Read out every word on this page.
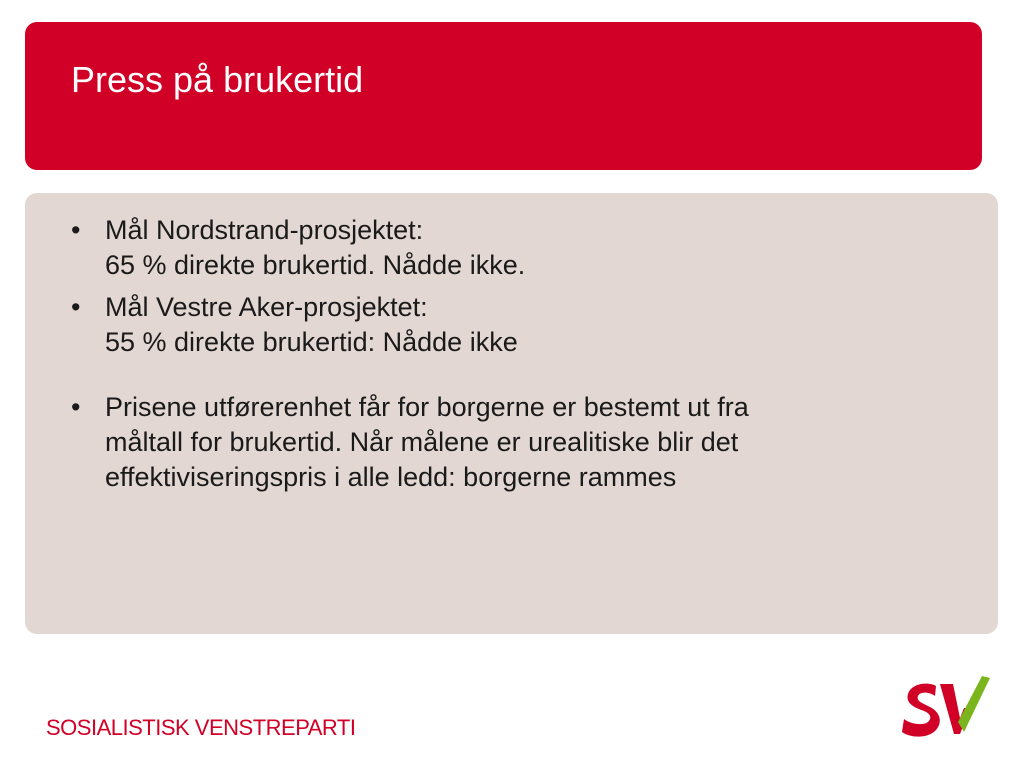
Press på brukertid
• Mål Nordstrand-prosjektet:
65 % direkte brukertid. Nådde ikke.
• Mål Vestre Aker-prosjektet:
55 % direkte brukertid: Nådde ikke
• Prisene utførerenhet får for borgerne er bestemt ut fra
måltall for brukertid. Når målene er urealitiske blir det
effektiviseringspris i alle ledd: borgerne rammes
SOSIALISTISK VENSTREPARTI
